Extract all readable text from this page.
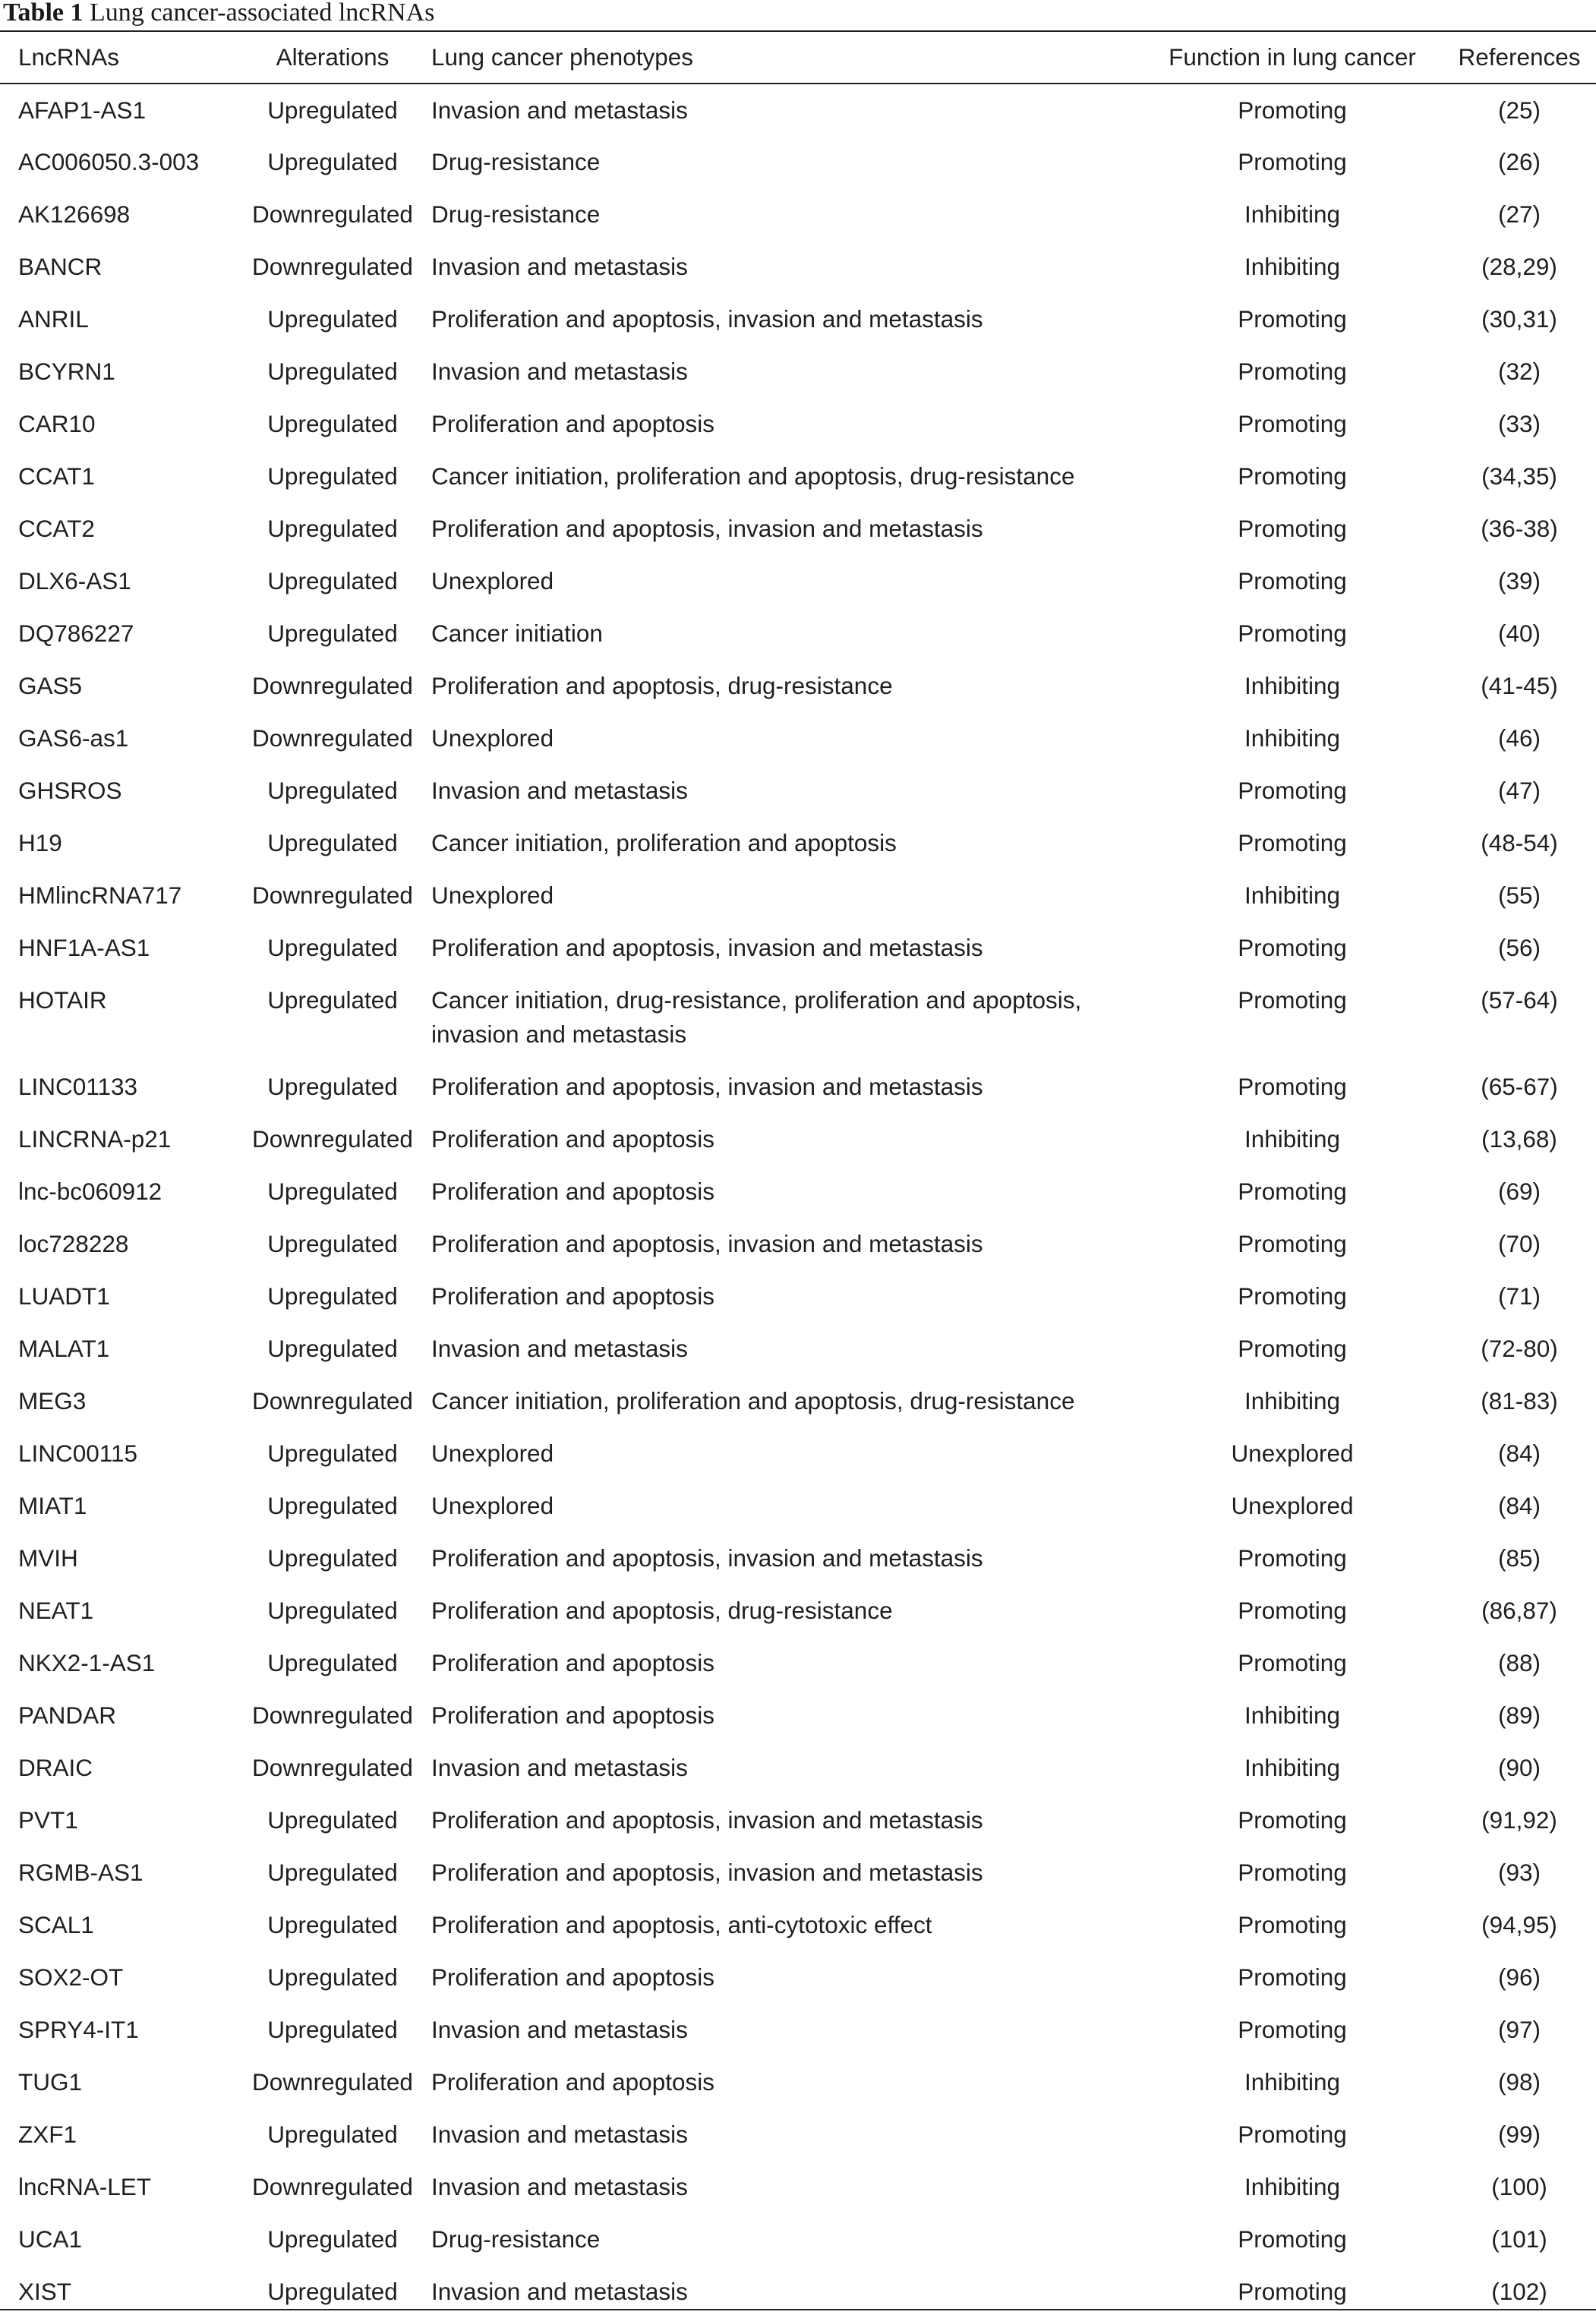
Table 1 Lung cancer-associated lncRNAs
LncRNAs	Alterations	Lung cancer phenotypes	Function in lung cancer	References
AFAP1-AS1	Upregulated	Invasion and metastasis	Promoting	(25)
AC006050.3-003	Upregulated	Drug-resistance	Promoting	(26)
AK126698	Downregulated	Drug-resistance	Inhibiting	(27)
BANCR	Downregulated	Invasion and metastasis	Inhibiting	(28,29)
ANRIL	Upregulated	Proliferation and apoptosis, invasion and metastasis	Promoting	(30,31)
BCYRN1	Upregulated	Invasion and metastasis	Promoting	(32)
CAR10	Upregulated	Proliferation and apoptosis	Promoting	(33)
CCAT1	Upregulated	Cancer initiation, proliferation and apoptosis, drug-resistance	Promoting	(34,35)
CCAT2	Upregulated	Proliferation and apoptosis, invasion and metastasis	Promoting	(36-38)
DLX6-AS1	Upregulated	Unexplored	Promoting	(39)
DQ786227	Upregulated	Cancer initiation	Promoting	(40)
GAS5	Downregulated	Proliferation and apoptosis, drug-resistance	Inhibiting	(41-45)
GAS6-as1	Downregulated	Unexplored	Inhibiting	(46)
GHSROS	Upregulated	Invasion and metastasis	Promoting	(47)
H19	Upregulated	Cancer initiation, proliferation and apoptosis	Promoting	(48-54)
HMlincRNA717	Downregulated	Unexplored	Inhibiting	(55)
HNF1A-AS1	Upregulated	Proliferation and apoptosis, invasion and metastasis	Promoting	(56)
HOTAIR	Upregulated	Cancer initiation, drug-resistance, proliferation and apoptosis, invasion and metastasis	Promoting	(57-64)
LINC01133	Upregulated	Proliferation and apoptosis, invasion and metastasis	Promoting	(65-67)
LINCRNA-p21	Downregulated	Proliferation and apoptosis	Inhibiting	(13,68)
lnc-bc060912	Upregulated	Proliferation and apoptosis	Promoting	(69)
loc728228	Upregulated	Proliferation and apoptosis, invasion and metastasis	Promoting	(70)
LUADT1	Upregulated	Proliferation and apoptosis	Promoting	(71)
MALAT1	Upregulated	Invasion and metastasis	Promoting	(72-80)
MEG3	Downregulated	Cancer initiation, proliferation and apoptosis, drug-resistance	Inhibiting	(81-83)
LINC00115	Upregulated	Unexplored	Unexplored	(84)
MIAT1	Upregulated	Unexplored	Unexplored	(84)
MVIH	Upregulated	Proliferation and apoptosis, invasion and metastasis	Promoting	(85)
NEAT1	Upregulated	Proliferation and apoptosis, drug-resistance	Promoting	(86,87)
NKX2-1-AS1	Upregulated	Proliferation and apoptosis	Promoting	(88)
PANDAR	Downregulated	Proliferation and apoptosis	Inhibiting	(89)
DRAIC	Downregulated	Invasion and metastasis	Inhibiting	(90)
PVT1	Upregulated	Proliferation and apoptosis, invasion and metastasis	Promoting	(91,92)
RGMB-AS1	Upregulated	Proliferation and apoptosis, invasion and metastasis	Promoting	(93)
SCAL1	Upregulated	Proliferation and apoptosis, anti-cytotoxic effect	Promoting	(94,95)
SOX2-OT	Upregulated	Proliferation and apoptosis	Promoting	(96)
SPRY4-IT1	Upregulated	Invasion and metastasis	Promoting	(97)
TUG1	Downregulated	Proliferation and apoptosis	Inhibiting	(98)
ZXF1	Upregulated	Invasion and metastasis	Promoting	(99)
lncRNA-LET	Downregulated	Invasion and metastasis	Inhibiting	(100)
UCA1	Upregulated	Drug-resistance	Promoting	(101)
XIST	Upregulated	Invasion and metastasis	Promoting	(102)
